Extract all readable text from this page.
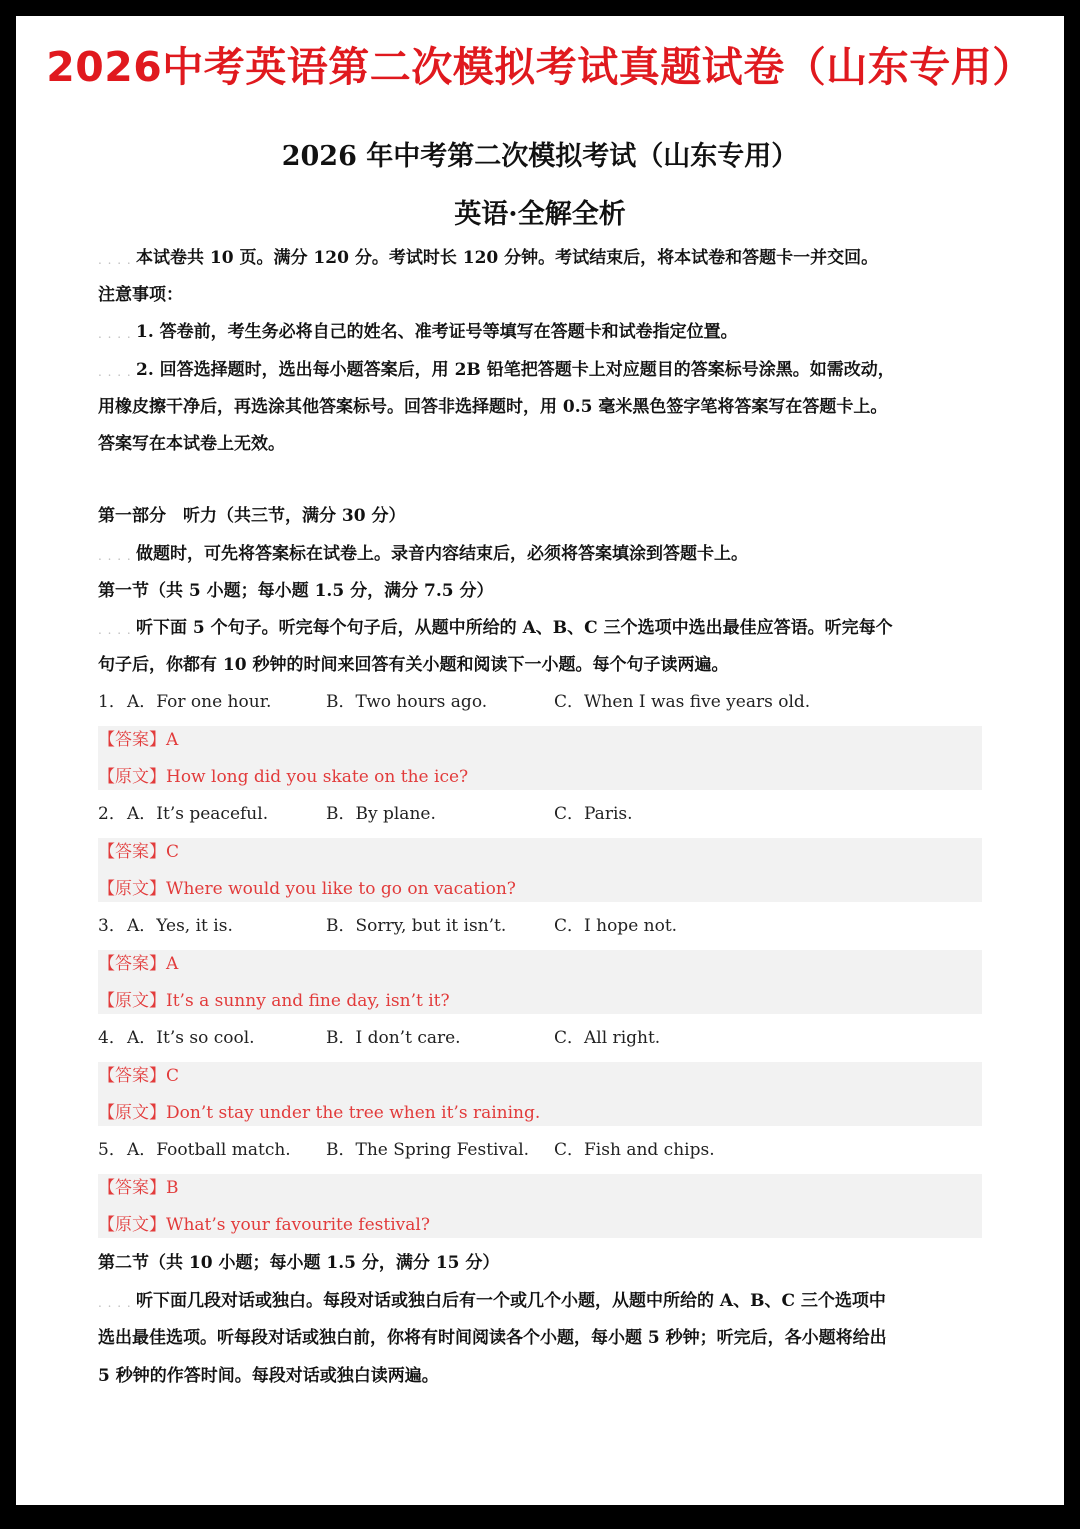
2026中考英语第二次模拟考试真题试卷（山东专用）
2026 年中考第二次模拟考试（山东专用）
英语·全解全析
. . . . 本试卷共 10 页。满分 120 分。考试时长 120 分钟。考试结束后，将本试卷和答题卡一并交回。
注意事项：
. . . . 1. 答卷前，考生务必将自己的姓名、准考证号等填写在答题卡和试卷指定位置。
. . . . 2. 回答选择题时，选出每小题答案后，用 2B 铅笔把答题卡上对应题目的答案标号涂黑。如需改动，
用橡皮擦干净后，再选涂其他答案标号。回答非选择题时，用 0.5 毫米黑色签字笔将答案写在答题卡上。
答案写在本试卷上无效。
第一部分　听力（共三节，满分 30 分）
. . . . 做题时，可先将答案标在试卷上。录音内容结束后，必须将答案填涂到答题卡上。
第一节（共 5 小题；每小题 1.5 分，满分 7.5 分）
. . . . 听下面 5 个句子。听完每个句子后，从题中所给的 A、B、C 三个选项中选出最佳应答语。听完每个
句子后，你都有 10 秒钟的时间来回答有关小题和阅读下一小题。每个句子读两遍。
1． A．For one hour.	B．Two hours ago.	C．When I was five years old.
【答案】A
【原文】How long did you skate on the ice?
2． A．It’s peaceful.	B．By plane.	C．Paris.
【答案】C
【原文】Where would you like to go on vacation?
3． A．Yes, it is.	B．Sorry, but it isn’t.	C．I hope not.
【答案】A
【原文】It’s a sunny and fine day, isn’t it?
4． A．It’s so cool.	B．I don’t care.	C．All right.
【答案】C
【原文】Don’t stay under the tree when it’s raining.
5． A．Football match. B．The Spring Festival. C．Fish and chips.
【答案】B
【原文】What’s your favourite festival?
第二节（共 10 小题；每小题 1.5 分，满分 15 分）
. . . . 听下面几段对话或独白。每段对话或独白后有一个或几个小题，从题中所给的 A、B、C 三个选项中
选出最佳选项。听每段对话或独白前，你将有时间阅读各个小题，每小题 5 秒钟；听完后，各小题将给出
5 秒钟的作答时间。每段对话或独白读两遍。
